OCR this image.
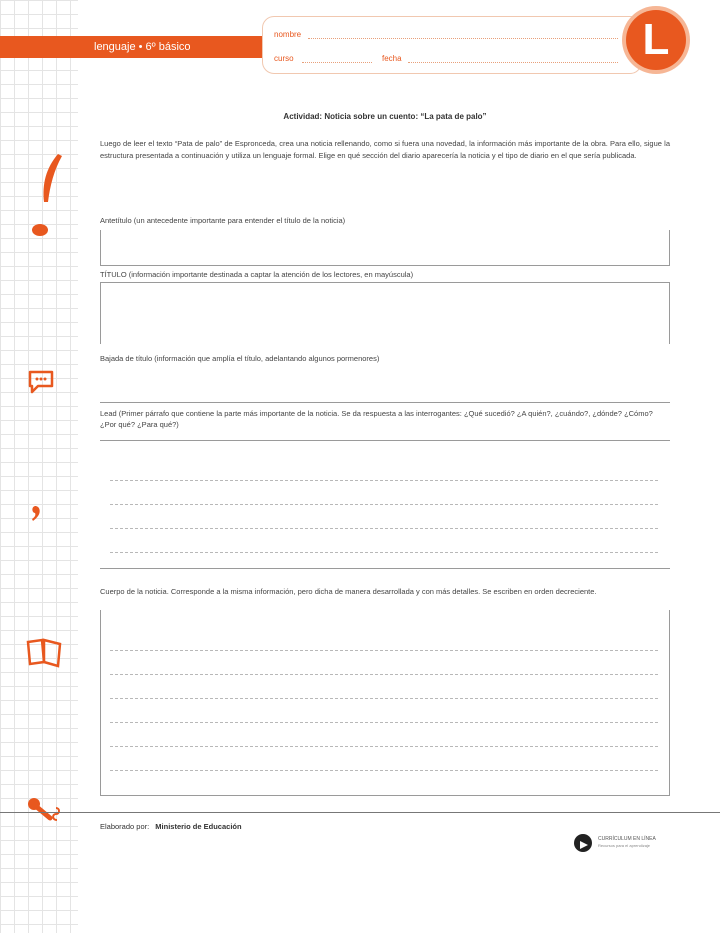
lenguaje • 6º básico
nombre
curso	fecha	L
Actividad: Noticia sobre un cuento: “La pata de palo”
Luego de leer el texto “Pata de palo” de Espronceda, crea una noticia rellenando, como si fuera una novedad, la información más importante de la obra. Para ello, sigue la estructura presentada a continuación y utiliza un lenguaje formal. Elige en qué sección del diario aparecería la noticia y el tipo de diario en el que sería publicada.
Antetítulo (un antecedente importante para entender el título de la noticia)
TÍTULO (información importante destinada a captar la atención de los lectores, en mayúscula)
Bajada de título (información que amplía el título, adelantando algunos pormenores)
Lead (Primer párrafo que contiene la parte más importante de la noticia. Se da respuesta a las interrogantes: ¿Qué sucedió? ¿A quién?, ¿cuándo?, ¿dónde? ¿Cómo? ¿Por qué? ¿Para qué?)
Cuerpo de la noticia. Corresponde a la misma información, pero dicha de manera desarrollada y con más detalles. Se escriben en orden decreciente.
Elaborado por: Ministerio de Educación
CURRÍCULUM EN LÍNEA
Recursos para el aprendizaje
